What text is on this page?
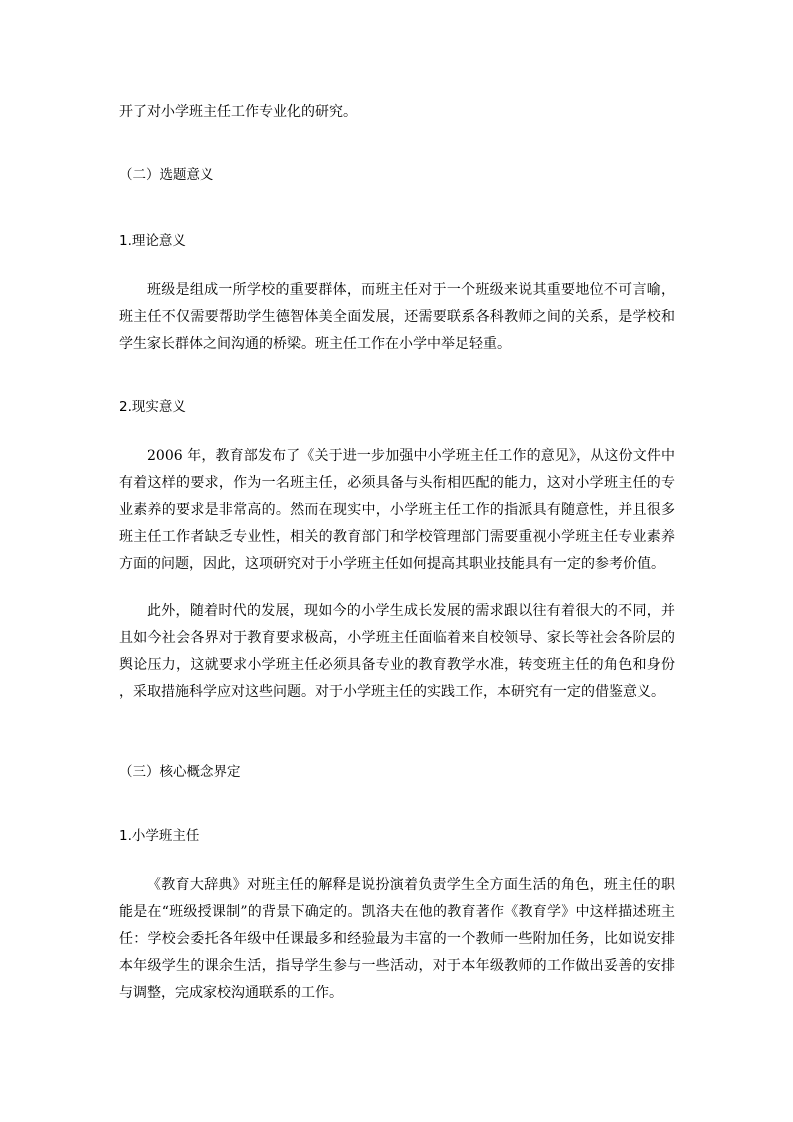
开了对小学班主任工作专业化的研究。

（二）选题意义
1.理论意义

班级是组成一所学校的重要群体，而班主任对于一个班级来说其重要地位不可言喻，班主任不仅需要帮助学生德智体美全面发展，还需要联系各科教师之间的关系，是学校和学生家长群体之间沟通的桥梁。班主任工作在小学中举足轻重。

2.现实意义

2006 年，教育部发布了《关于进一步加强中小学班主任工作的意见》，从这份文件中有着这样的要求，作为一名班主任，必须具备与头衔相匹配的能力，这对小学班主任的专业素养的要求是非常高的。然而在现实中，小学班主任工作的指派具有随意性，并且很多班主任工作者缺乏专业性，相关的教育部门和学校管理部门需要重视小学班主任专业素养方面的问题，因此，这项研究对于小学班主任如何提高其职业技能具有一定的参考价值。

此外，随着时代的发展，现如今的小学生成长发展的需求跟以往有着很大的不同，并且如今社会各界对于教育要求极高，小学班主任面临着来自校领导、家长等社会各阶层的舆论压力，这就要求小学班主任必须具备专业的教育教学水准，转变班主任的角色和身份，采取措施科学应对这些问题。对于小学班主任的实践工作，本研究有一定的借鉴意义。

（三）核心概念界定
1.小学班主任

《教育大辞典》对班主任的解释是说扮演着负责学生全方面生活的角色，班主任的职能是在“班级授课制”的背景下确定的。凯洛夫在他的教育著作《教育学》中这样描述班主任：学校会委托各年级中任课最多和经验最为丰富的一个教师一些附加任务，比如说安排本年级学生的课余生活，指导学生参与一些活动，对于本年级教师的工作做出妥善的安排与调整，完成家校沟通联系的工作。
